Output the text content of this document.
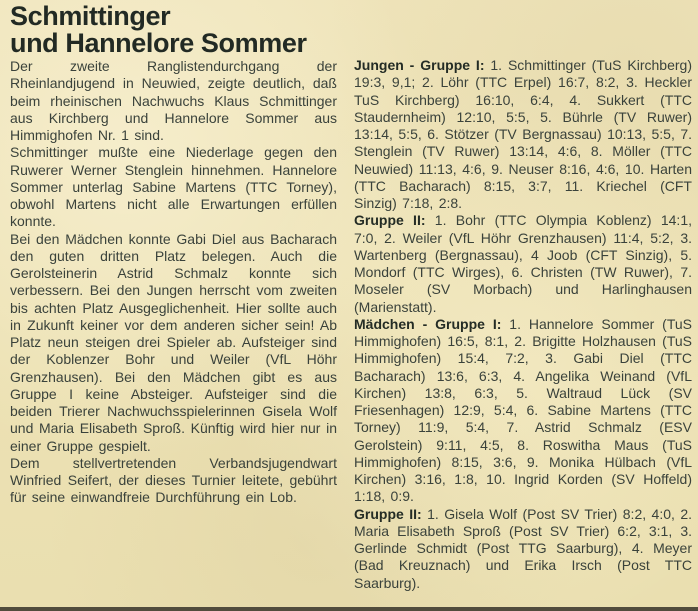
Schmittinger
und Hannelore Sommer

Der zweite Ranglistendurchgang der Rheinlandjugend in Neuwied, zeigte deutlich, daß beim rheinischen Nachwuchs Klaus Schmittinger aus Kirchberg und Hannelore Sommer aus Himmighofen Nr. 1 sind.

Schmittinger mußte eine Niederlage gegen den Ruwerer Werner Stenglein hinnehmen. Hannelore Sommer unterlag Sabine Martens (TTC Torney), obwohl Martens nicht alle Erwartungen erfüllen konnte.

Bei den Mädchen konnte Gabi Diel aus Bacharach den guten dritten Platz belegen. Auch die Gerolsteinerin Astrid Schmalz konnte sich verbessern. Bei den Jungen herrscht vom zweiten bis achten Platz Ausgeglichenheit. Hier sollte auch in Zukunft keiner vor dem anderen sicher sein! Ab Platz neun steigen drei Spieler ab. Aufsteiger sind der Koblenzer Bohr und Weiler (VfL Höhr Grenzhausen). Bei den Mädchen gibt es aus Gruppe I keine Absteiger. Aufsteiger sind die beiden Trierer Nachwuchsspielerinnen Gisela Wolf und Maria Elisabeth Sproß. Künftig wird hier nur in einer Gruppe gespielt.

Dem stellvertretenden Verbandsjugendwart Winfried Seifert, der dieses Turnier leitete, gebührt für seine einwandfreie Durchführung ein Lob.

Jungen - Gruppe I: 1. Schmittinger (TuS Kirchberg) 19:3, 9,1; 2. Löhr (TTC Erpel) 16:7, 8:2, 3. Heckler TuS Kirchberg) 16:10, 6:4, 4. Sukkert (TTC Staudernheim) 12:10, 5:5, 5. Bührle (TV Ruwer) 13:14, 5:5, 6. Stötzer (TV Bergnassau) 10:13, 5:5, 7. Stenglein (TV Ruwer) 13:14, 4:6, 8. Möller (TTC Neuwied) 11:13, 4:6, 9. Neuser 8:16, 4:6, 10. Harten (TTC Bacharach) 8:15, 3:7, 11. Kriechel (CFT Sinzig) 7:18, 2:8.

Gruppe II: 1. Bohr (TTC Olympia Koblenz) 14:1, 7:0, 2. Weiler (VfL Höhr Grenzhausen) 11:4, 5:2, 3. Wartenberg (Bergnassau), 4 Joob (CFT Sinzig), 5. Mondorf (TTC Wirges), 6. Christen (TW Ruwer), 7. Moseler (SV Morbach) und Harlinghausen (Marienstatt).

Mädchen - Gruppe I: 1. Hannelore Sommer (TuS Himmighofen) 16:5, 8:1, 2. Brigitte Holzhausen (TuS Himmighofen) 15:4, 7:2, 3. Gabi Diel (TTC Bacharach) 13:6, 6:3, 4. Angelika Weinand (VfL Kirchen) 13:8, 6:3, 5. Waltraud Lück (SV Friesenhagen) 12:9, 5:4, 6. Sabine Martens (TTC Torney) 11:9, 5:4, 7. Astrid Schmalz (ESV Gerolstein) 9:11, 4:5, 8. Roswitha Maus (TuS Himmighofen) 8:15, 3:6, 9. Monika Hülbach (VfL Kirchen) 3:16, 1:8, 10. Ingrid Korden (SV Hoffeld) 1:18, 0:9.

Gruppe II: 1. Gisela Wolf (Post SV Trier) 8:2, 4:0, 2. Maria Elisabeth Sproß (Post SV Trier) 6:2, 3:1, 3. Gerlinde Schmidt (Post TTG Saarburg), 4. Meyer (Bad Kreuznach) und Erika Irsch (Post TTC Saarburg).
